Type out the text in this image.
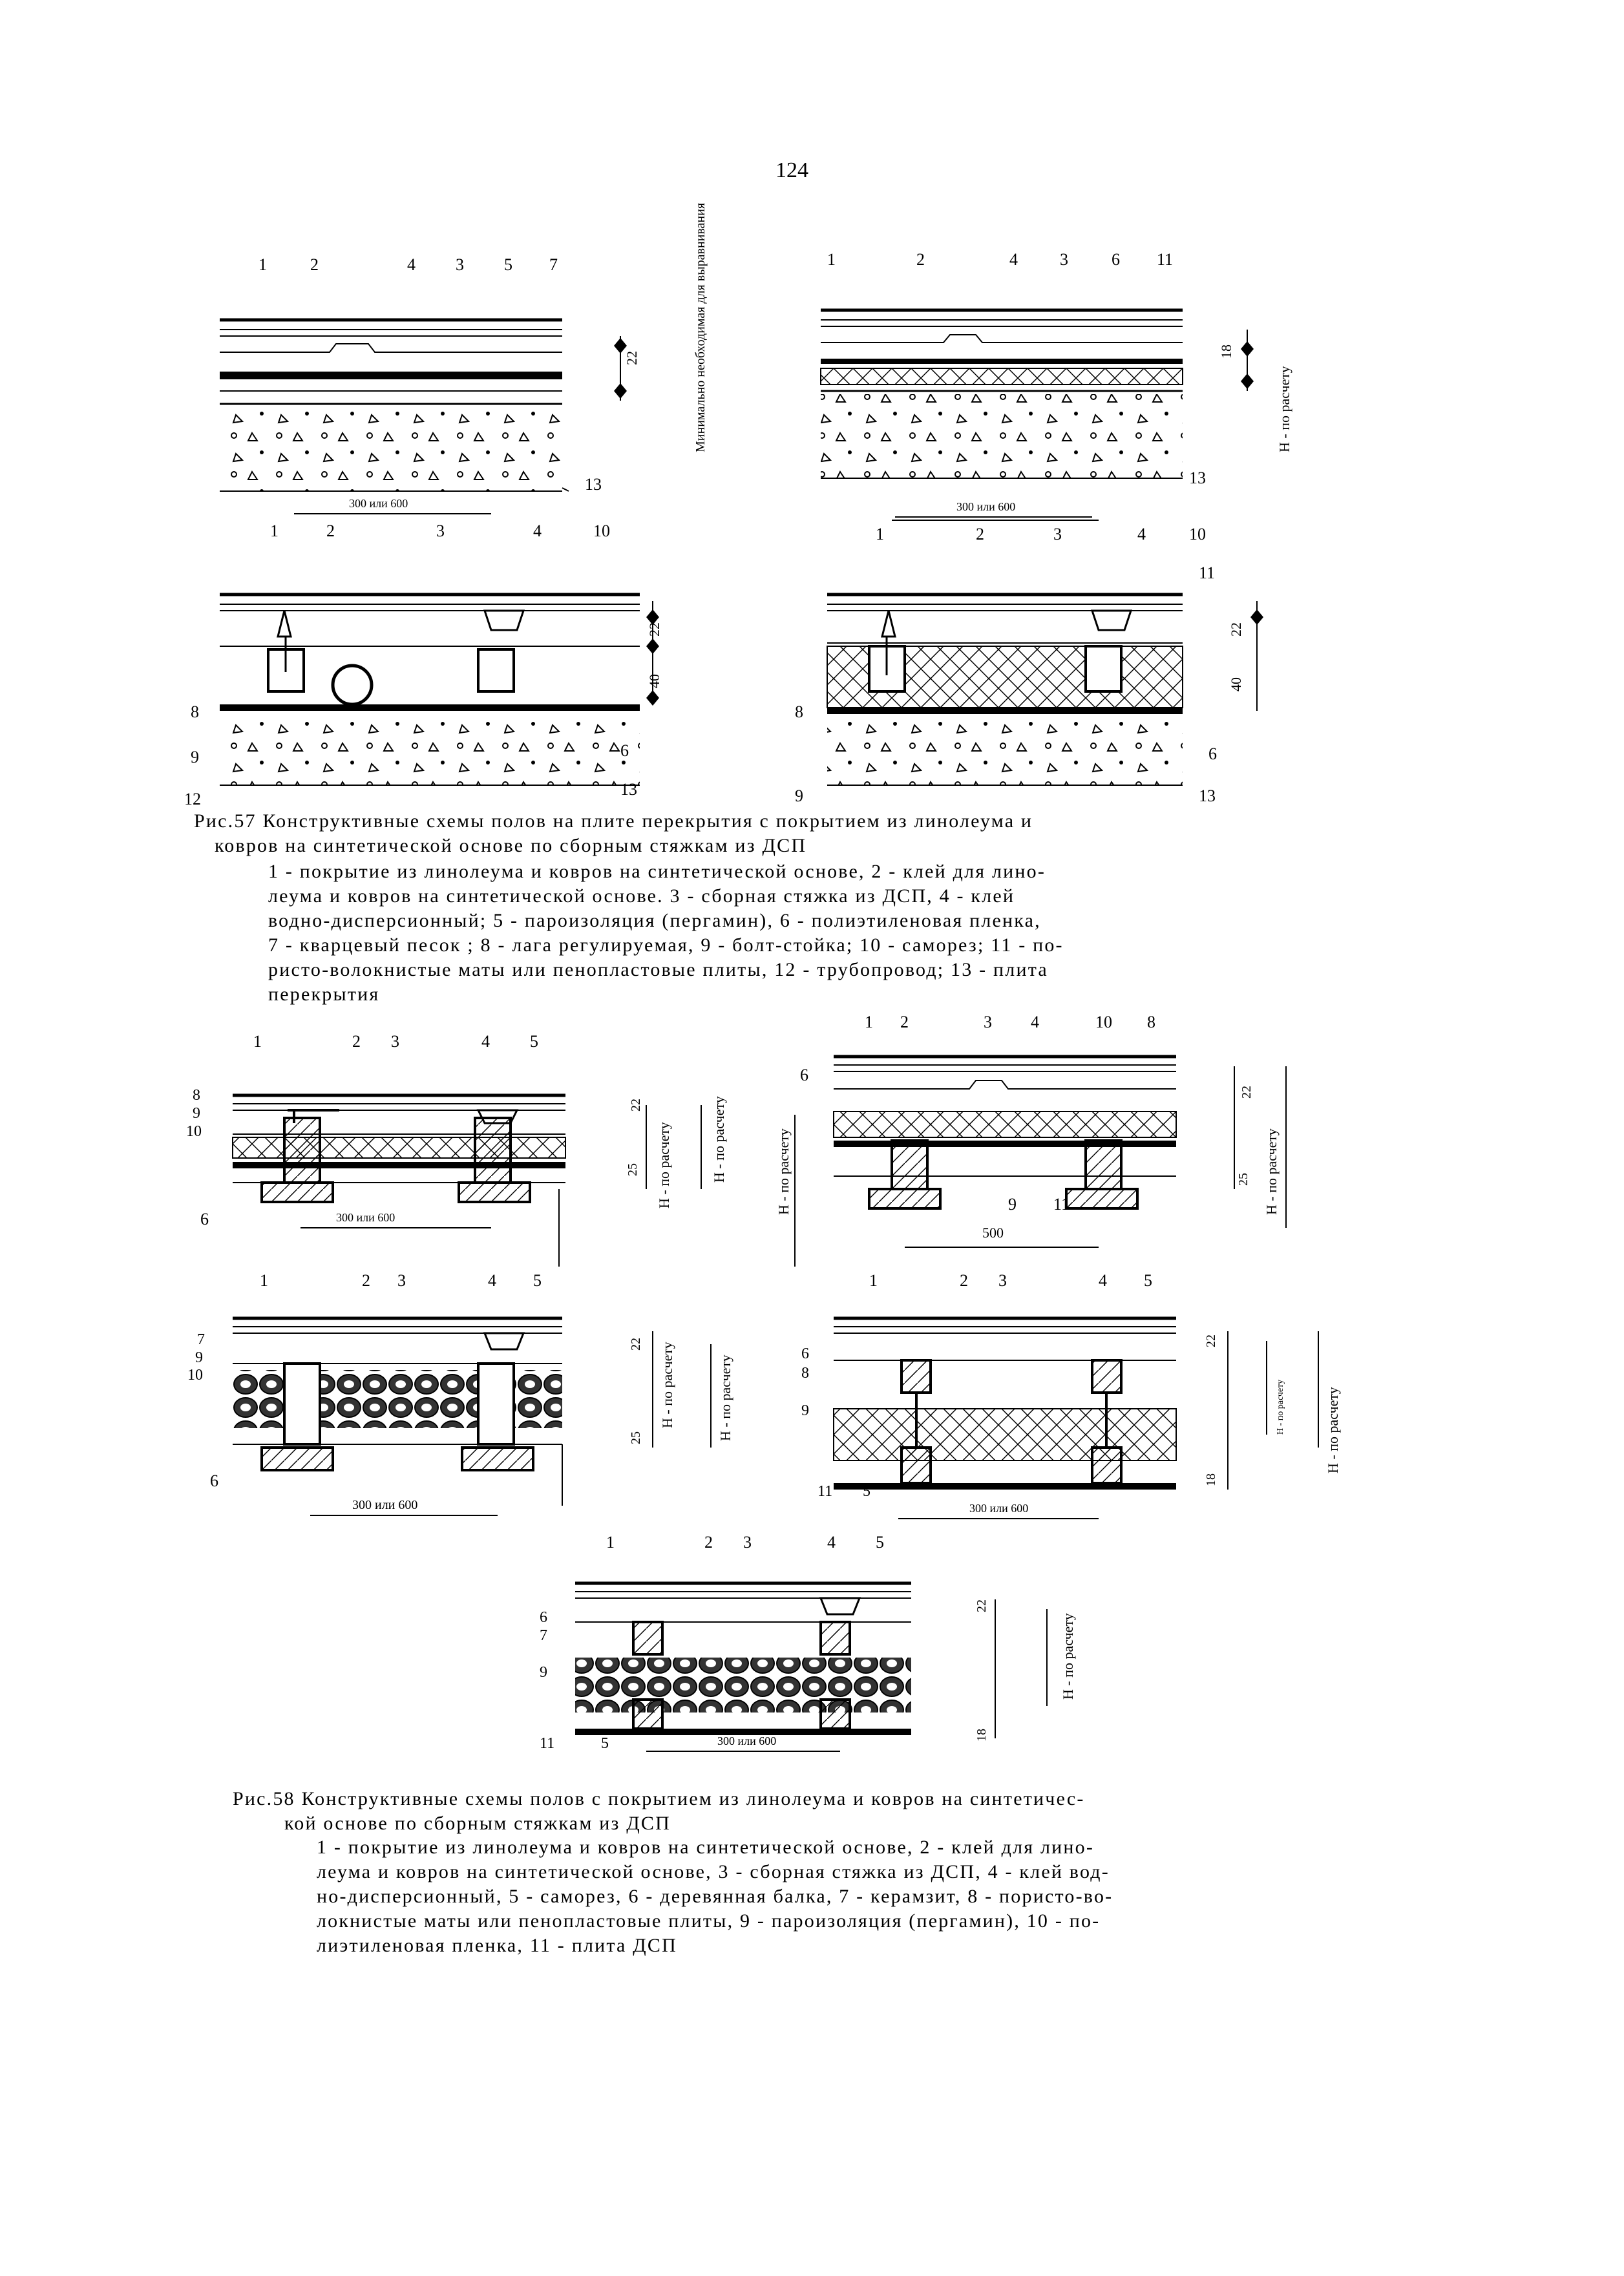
124
1	2	4 3 5 7
22
300 или 600
Минимальнo необходимая для выравнивания
13
1	2	4	3	6 11
18
300 или 600
Н - по расчету
13
1	2	3	4	10
22
40
8
9
12
6
13
1	2	3	4	10
11
22
40
8
9
6
13
1	2 3	4 5
8
9
10
6
22
25
300 или 600
Н - по расчету	Н - по расчету
1 2	3 4	10 8
6
9 11
22
25
500
Н - по расчету	Н - по расчету
1	2 3	4 5
7
9
10
6
22
25
300 или 600
Н - по расчету	Н - по расчету
1	2 3	4 5
6
8
9
11 5
22
18
300 или 600
Н - по расчету	Н - по расчету
1	2 3	4 5
6
7
9
11	5
22
18
300 или 600
Н - по расчету
Рис.57 Конструктивные схемы полов на плите перекрытия с покрытием из линолеума и
ковров на синтетической основе по сборным стяжкам из ДСП
1 - покрытие из линолеума и ковров на синтетической основе, 2 - клей для лино-
леума и ковров на синтетической основе. 3 - сборная стяжка из ДСП, 4 - клей
водно-дисперсионный; 5 - пароизоляция (пергамин), 6 - полиэтиленовая пленка,
7 - кварцевый песок ; 8 - лага регулируемая, 9 - болт-стойка; 10 - саморез; 11 - по-
ристо-волокнистые маты или пенопластовые плиты, 12 - трубопровод; 13 - плита
перекрытия
Рис.58 Конструктивные схемы полов с покрытием из линолеума и ковров на синтетичес-
кой основе по сборным стяжкам из ДСП
1 - покрытие из линолеума и ковров на синтетической основе, 2 - клей для лино-
леума и ковров на синтетической основе, 3 - сборная стяжка из ДСП, 4 - клей вод-
но-дисперсионный, 5 - саморез, 6 - деревянная балка, 7 - керамзит, 8 - пористо-во-
локнистые маты или пенопластовые плиты, 9 - пароизоляция (пергамин), 10 - по-
лиэтиленовая пленка, 11 - плита ДСП
